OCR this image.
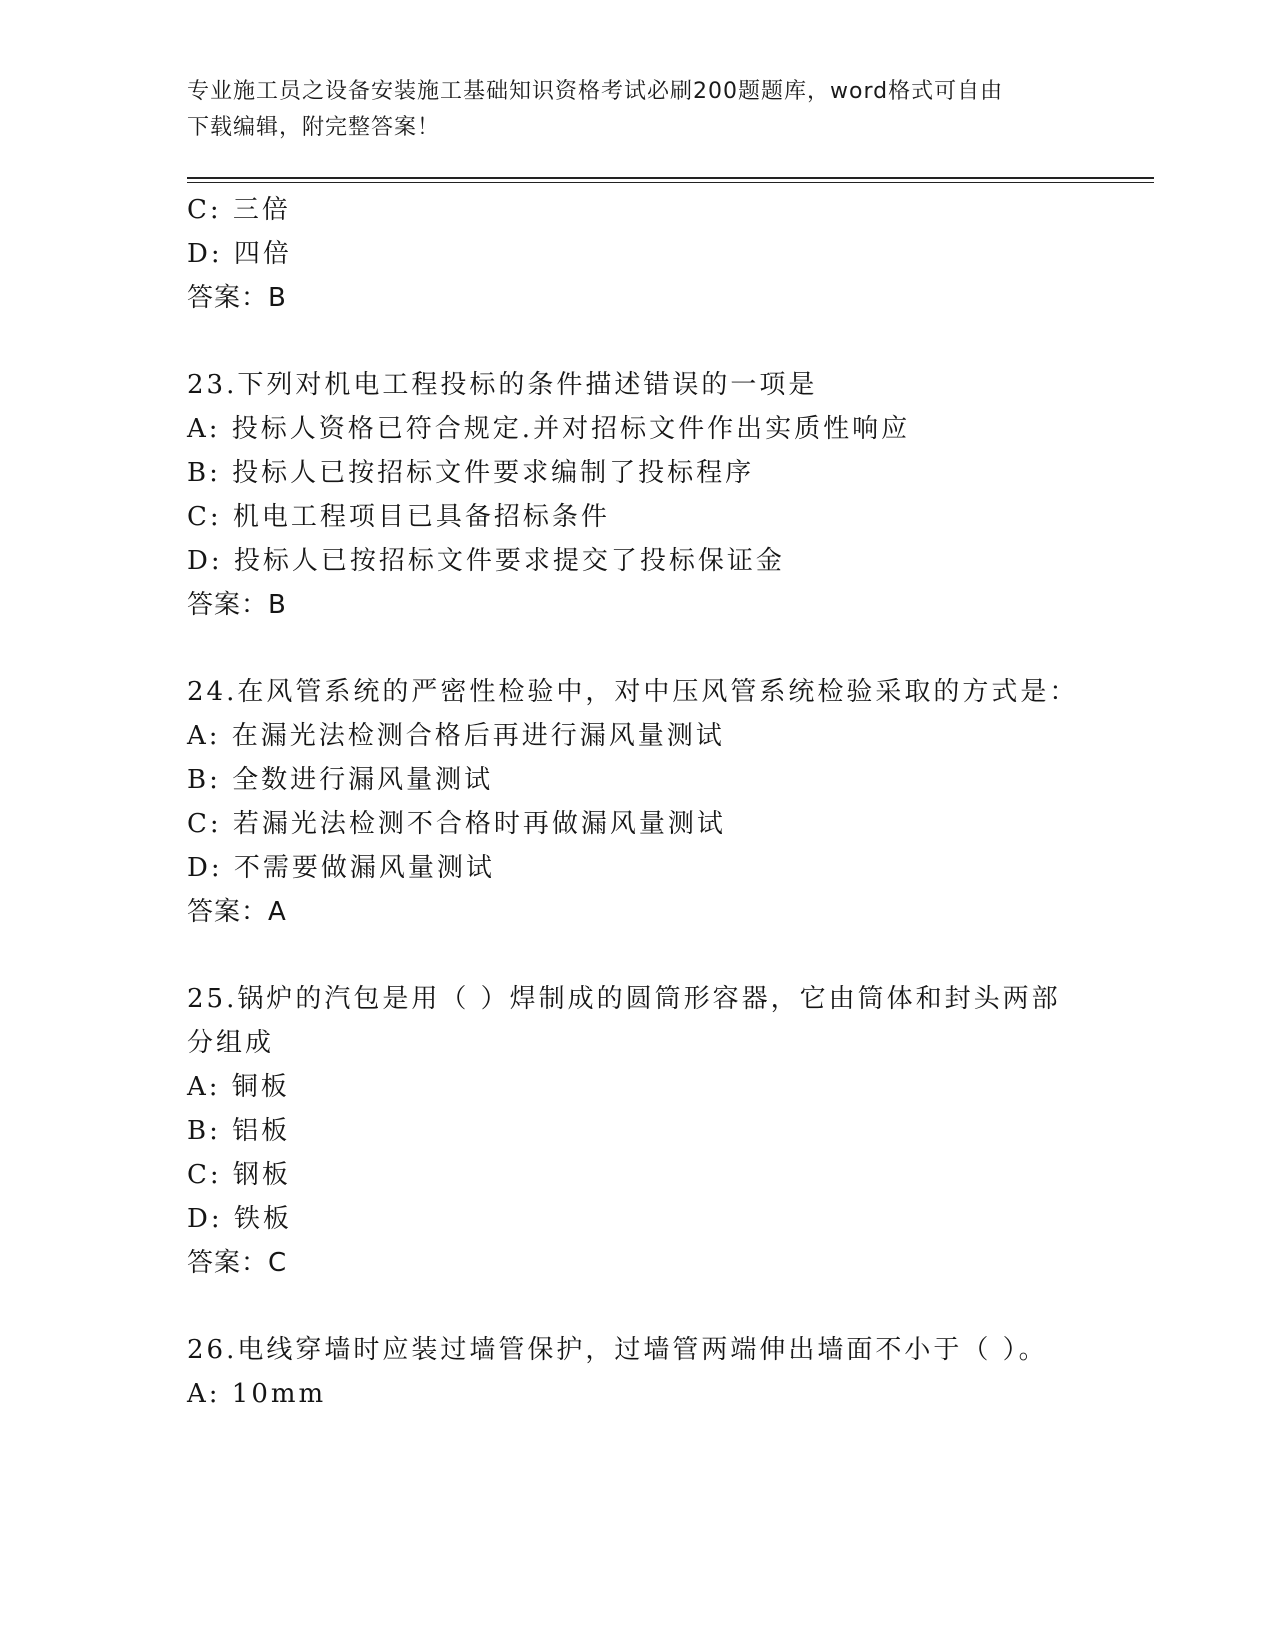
专业施工员之设备安装施工基础知识资格考试必刷200题题库，word格式可自由
下载编辑，附完整答案！
C: 三倍
D: 四倍
答案：B
23.下列对机电工程投标的条件描述错误的一项是
A: 投标人资格已符合规定.并对招标文件作出实质性响应
B: 投标人已按招标文件要求编制了投标程序
C: 机电工程项目已具备招标条件
D: 投标人已按招标文件要求提交了投标保证金
答案：B
24.在风管系统的严密性检验中，对中压风管系统检验采取的方式是：
A: 在漏光法检测合格后再进行漏风量测试
B: 全数进行漏风量测试
C: 若漏光法检测不合格时再做漏风量测试
D: 不需要做漏风量测试
答案：A
25.锅炉的汽包是用（ ）焊制成的圆筒形容器，它由筒体和封头两部
分组成
A: 铜板
B: 铝板
C: 钢板
D: 铁板
答案：C
26.电线穿墙时应装过墙管保护，过墙管两端伸出墙面不小于（ ）。
A: 10mm
